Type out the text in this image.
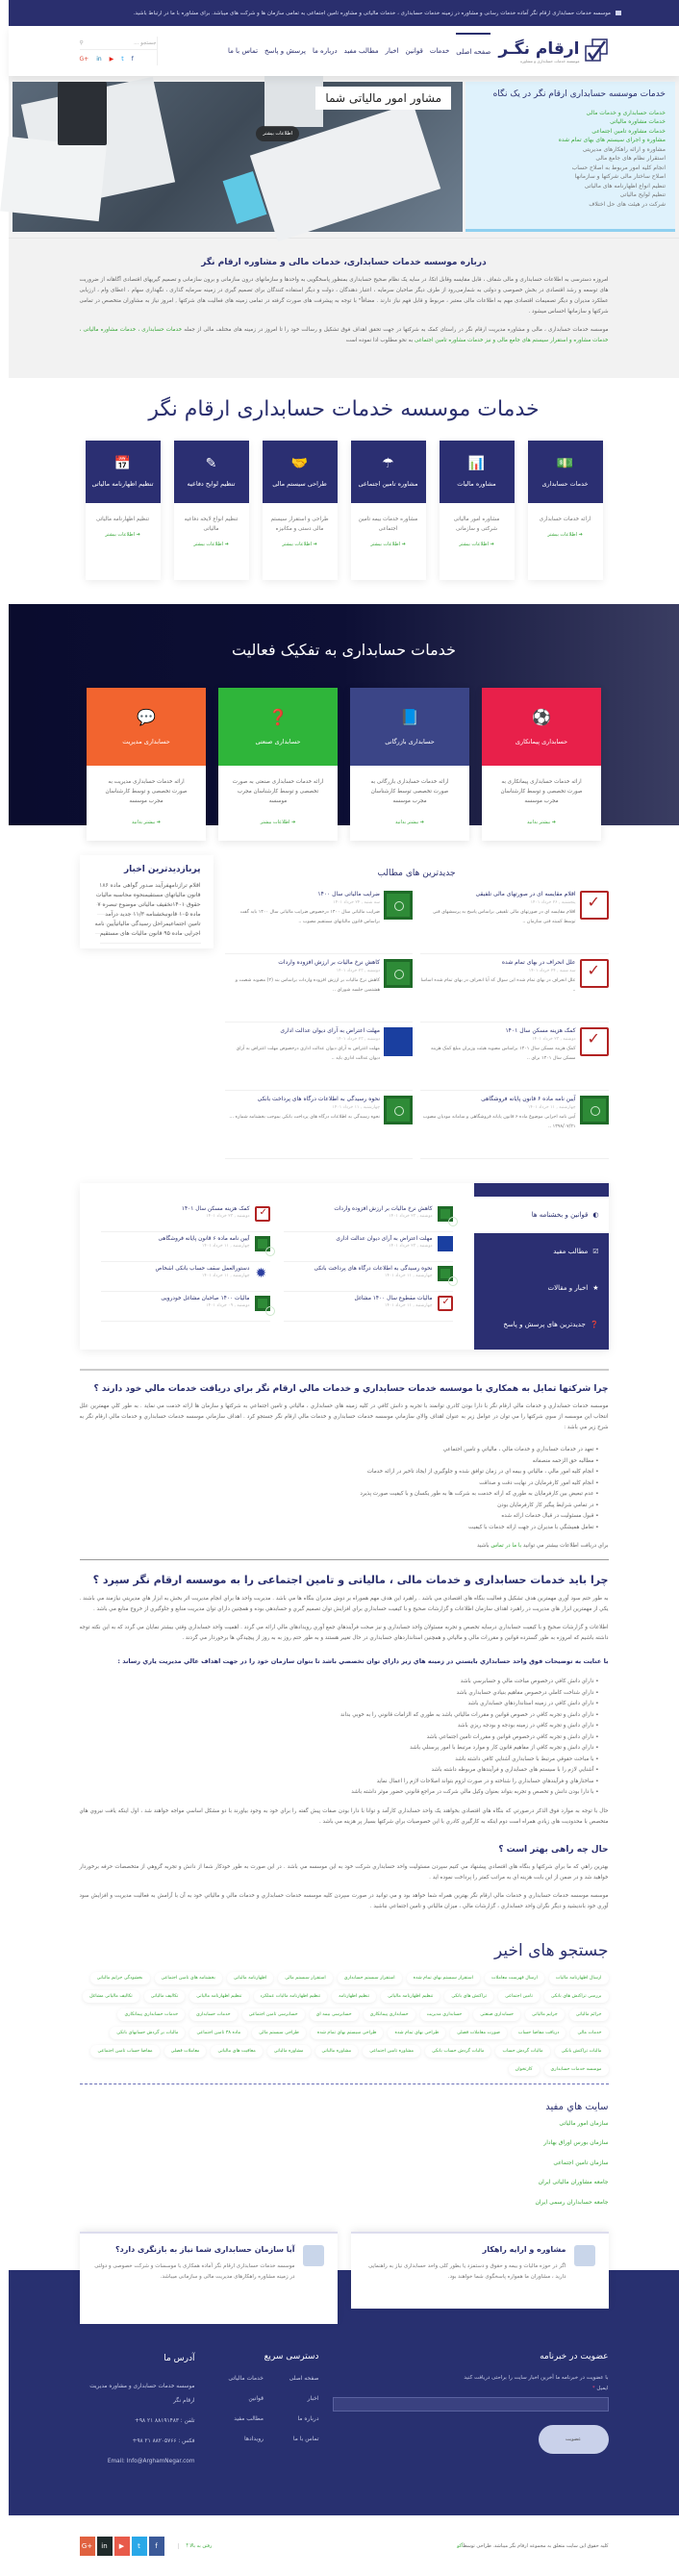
موسسه خدمات حسابداری ارقام نگر آماده خدمات رسانی و مشاوره در زمینه خدمات حسابداری ، خدمات مالیاتی و مشاوره تامین اجتماعی به تمامی سازمان ها و شرکت های میباشد. برای مشاوره با ما در ارتباط باشید.
ارقام نگـر
موسسه خدمات حسابداری و مشاوره
صفحه اصلی
خدمات
قوانین
اخبار
مطالب مفید
درباره ما
پرسش و پاسخ
تماس با ما
جستجو ...
⚲
G+ in ▶ t f
خدمات موسسه حسابداری ارقام نگر در یک نگاه
خدمات حسابداری و خدمات مالی
خدمات مشاوره مالیاتی
خدمات مشاوره تامین اجتماعی
مشاوره و اجرای سیستم های بهای تمام شده
مشاوره و ارائه راهکارهای مدیریتی
استقرار نظام های جامع مالی
انجام کلیه امور مربوط به اصلاح حساب
اصلاح ساختار مالی شرکتها و سازمانها
تنظیم انواع اظهارنامه های مالیاتی
تنظیم لوایح مالیاتی
شرکت در هیئت های حل اختلاف
مشاور امور مالیاتی شما
اطلاعات بیشتر
درباره موسسه خدمات حسابداری، خدمات مالی و مشاوره ارقام نگر

امروزه دسترسی به اطلاعات حسابداری و مالی شفاف ، قابل مقایسه وقابل اتکا، در سایه یک نظام صحیح حسابداری بمنظور پاسخگویی به واحدها و سازمانهای درون سازمانی و برون سازمانی و تصمیم گیریهای اقتصادی آگاهانه از ضروریت های توسعه و رشد اقتصادی در بخش خصوصی و دولتی به شمارمی‌رود از طرف دیگر صاحبان سرمایه ، اعتبار دهندگان ، دولت و دیگر استفاده کنندگان برای تصمیم گیری در زمینه سرمایه گذاری ، نگهداری سهام ، اعطای وام ، ارزیابی عملکرد مدیران و دیگر تصمیمات اقتصادی مهم به اطلاعات مالی معتبر ، مربوط و قابل فهم نیاز دارند . مضافاً" با توجه به پیشرفت های صورت گرفته در تمامی زمینه های فعالیت های شرکتها , امروز نیاز به مشاوران متخصص در تمامی شرکتها و سازمانها احساس میشود .

موسسه خدمات حسابداری ، مالی و مشاوره مدیریت ارقام نگر در راستای کمک به شرکتها در جهت تحقق اهداف فوق تشکیل و رسالت خود را تا امروز در زمینه های مختلف مالی از جمله خدمات حسابداری ، خدمات مشاوره مالیاتی ، خدمات مشاوره و استقرار سیستم های جامع مالی و نیز خدمات مشاوره تامین اجتماعی به نحو مطلوب ادا نموده است

خدمات موسسه خدمات حسابداری ارقام نگر
💵
خدمات حسابداری
ارائه خدمات حسابداری
➔ اطلاعات بیشتر
📊
مشاوره مالیات
مشاوره امور مالیاتی شرکتی و سازمانی
➔ اطلاعات بیشتر
☂
مشاوره تامین اجتماعی
مشاوره خدمات بیمه تامین اجتماعی
➔ اطلاعات بیشتر
🤝
طراحی سیستم مالی
طراحی و استقرار سیستم مالی دستی و مکانیزه
➔ اطلاعات بیشتر
✎
تنظیم لوایح دفاعیه
تنظیم انواع لایحه دفاعیه مالیاتی
➔ اطلاعات بیشتر
📅
تنظیم اظهارنامه مالیاتی
تنظیم اظهارنامه مالیاتی
➔ اطلاعات بیشتر
خدمات حسابداری به تفکیک فعالیت
⚽
حسابداری پیمانکاری
ارائه خدمات حسابداری پیمانکاری به صورت تخصصی و توسط کارشناسان مجرب موسسه
➔ بیشتر بدانید
📘
حسابداری بازرگانی
ارائه خدمات حسابداری بازرگانی به صورت تخصصی توسط کارشناسان مجرب موسسه
➔ بیشتر بدانید
❓
حسابداری صنعتی
ارائه خدمات حسابداری صنعتی به صورت تخصصی و توسط کارشناسان مجرب موسسه
➔ اطلاعات بیشتر
💬
حسابداری مدیریت
ارائه خدمات حسابداری مدیریت به صورت تخصصی و توسط کارشناسان مجرب موسسه
➔ بیشتر بدانید
جدیدترین های مطالب
✓
اقلام مقایسه ای در صورتهای مالی تلفیقی
پنجشنبه , ۲۶ خرداد ۱۴۰۱
اقلام مقایسه ای در صورتهای مالی تلفیقی براساس پاسخ به پرسشهای فنی توسط کمیته فنی سازمان ..
ضرایب مالیاتی سال ۱۴۰۰
سه شنبه , ۲۴ خرداد ۱۴۰۱
ضرایب مالیاتی سال ۱۴۰۰ درخصوص ضرایب مالیاتی سال ۱۴۰۰ باید گفت براساس قانون مالیاتهای مستقیم مصوب ..
✓
علل انحراف در بهای تمام شده
سه شنبه , ۲۴ خرداد ۱۴۰۱
علل انحراف در بهای تمام شده این سوال که آیا انحراف در بهای تمام شده اساسا ..
کاهش نرخ مالیات بر ارزش افزوده واردات
دوشنبه , ۲۳ خرداد ۱۴۰۱
کاهش نرخ مالیات بر ارزش افزوده واردات براساس بند (۲) مصوبه شصت و هشتمین جلسه شورای ..
✓
کمک هزینه مسکن سال ۱۴۰۱
دوشنبه , ۲۳ خرداد ۱۴۰۱
کمک هزینه مسکن سال ۱۴۰۱ براساس مصوبه هیئت وزیران مبلغ کمک هزینه مسکن سال ۱۴۰۱ برای ..
مهلت اعتراض به آرای دیوان عدالت اداری
دوشنبه , ۲۳ خرداد ۱۴۰۱
مهلت اعتراض به آرای دیوان عدالت اداری درخصوص مهلت اعتراض به آرای دیوان عدالت اداری باید ..
آیین نامه ماده ۶ قانون پایانه فروشگاهی
چهارشنبه , ۱۱ خرداد ۱۴۰۱
آیین نامه اجرایی موضوع ماده ۶ قانون پایانه فروشگاهی و سامانه مودیان مصوب ۱۳۹۸/۰۷/۲۱ ..
نحوه رسیدگی به اطلاعات درگاه های پرداخت بانکی
چهارشنبه , ۱۱ خرداد ۱۴۰۱
نحوه رسیدگی به اطلاعات درگاه های پرداخت بانکی بموجب بخشنامه شماره ...
پربازدیدترین اخبار
اقلام ترازنامهفرآیند صدور گواهی ماده ۱۸۶ قانون مالیاتهای مستقیمنحوه محاسبه مالیات حقوق ۱۴۰۱تخفیف مالیاتی موضوع تبصره ۷ ماده ۱۰۵ قانونبخشنامه ۱۱/۳ جدید درآمد تامین اجتماعیمراحل رسیدگی مالیاتیآیین نامه اجرایی ماده ۹۵ قانون مالیات های مستقیم
◐
قوانین و بخشنامه ها
☑
مطالب مفید
★
اخبار و مقالات
❓
جدیدترین های پرسش و پاسخ
کاهش نرخ مالیات بر ارزش افزوده واردات
دوشنبه , ۲۳ خرداد ۱۴۰۱
✓
کمک هزینه مسکن سال ۱۴۰۱
دوشنبه , ۲۳ خرداد ۱۴۰۱
مهلت اعتراض به آرای دیوان عدالت اداری
دوشنبه , ۲۳ خرداد ۱۴۰۱
آیین نامه ماده ۶ قانون پایانه فروشگاهی
چهارشنبه , ۱۱ خرداد ۱۴۰۱
نحوه رسیدگی به اطلاعات درگاه های پرداخت بانکی
چهارشنبه , ۱۱ خرداد ۱۴۰۱
✹
دستورالعمل سقف حساب بانکی اشخاص
چهارشنبه , ۱۱ خرداد ۱۴۰۱
✓
مالیات مقطوع سال ۱۴۰۰ مشاغل
چهارشنبه , ۱۱ خرداد ۱۴۰۱
مالیات ۱۴۰۰ صاحبان مشاغل خودرویی
دوشنبه , ۰۹ خرداد ۱۴۰۱
چرا شرکتها تمایل به همکاري با موسسه خدمات حسابداري و خدمات مالي ارقام نگر براي دريافت خدمات مالي خود دارند ؟

موسسه خدمات حسابداري و خدمات مالي ارقام نگر با دارا بودن کادري توانمند با تجربه و دانش کافي در کليه زمينه هاي حسابداري ، مالياتي و تامين اجتماعي به شرکتها و سازمان ها ارائه خدمت مي نمايد . به طور کلي مهمترين علل انتخاب اين موسسه از سوي شرکتها را مي توان در عوامل زير به عنوان اهداف والاي سازماني موسسه خدمات حسابداري و خدمات مالي ارقام نگر جستجو کرد . اهداف سازماني موسسه خدمات حسابداري و خدمات مالي ارقام نگر به شرح زير مي باشد :

• تعهد در خدمات حسابداري و خدمات مالي ، مالياتي و تامين اجتماعي
• مطالبه حق الزحمه منصفانه
• انجام کليه امور مالي ، مالياتي و بيمه اي در زمان توافق شده و جلوگيري از ايجاد تاخير در ارائه خدمات
• انجام کليه امور کارفرمايان در نهايت دقت و صداقت
• عدم تبعيض بين کارفرمايان به طوري که ارائه خدمت به شرکت ها به طور يکسان و با کيفيت صورت پذيرد
• در تمامي شرايط پيگير کار کارفرمايان بودن
• قبول مسئوليت در قبال خدمات ارائه شده
• تعامل هميشگي با مديران در جهت ارائه خدمات با کيفيت

براي دريافت اطلاعات بيشتر مي توانيد با ما در تماس باشيد

چرا باید خدمات حسابداری و خدمات مالی ، مالیاتی و تامین اجتماعی را به موسسه ارقام نگر سپرد ؟

به طور حتم سود آوري مهمترين هدف تشکيل و فعاليت بنگاه هاي اقتصادي مي باشد . راهبرد اين هدف مهم هموراه بر دوش مديران بنگاه ها مي باشد . مديريت واحد ها براي انجام مديريت اثر بخش به ابزار هاي مديريتي نيازمند مي باشند . يکي از مهمترين ابزار هاي مديريت در راهبرد اهداف سازمان اطلاعات و گزارشات صحيح و با کيفيت حسابداري براي افزايش توان تصميم گيري و حسابدهي بوده و همچنين داراي توان مديريت منابع و جلوگيري از خروج منابع مي باشد .

اطلاعات و گزارشات صحيح و با کيفيت حسابداري درسايه تخصص و تجربه مسئولان واحد حسابداري و نيز صحت فرآيندهاي جمع آوري رويدادهاي مالي ارائه مي گردد . اهميت واحد حسابداري وقتي بيشتر نمايان مي گردد که به اين نکته توجه داشته باشيم که امروزه به طور گسترده قوانين و مقررات مالي و مالياتي و همچنين استانداردهاي حسابداري در حال تغيير هستند و به طور حتم روز به به روز از پيچيدگي ها برخوردار مي گردند .

با عنايت به توضيحات فوق واحد حسابداري بايستي در زمينه هاي زير داراي توان تخصصي باشد تا بتوان سازمان خود را در جهت اهداف عالي مديريت ياري رساند :
• داراي دانش کافي درخصوص مباحث مالي و حسابرسي باشد
• داراي شناخت کاملي درخصوص مفاهيم بنيادي حسابداري باشد
• داراي دانش کافي در زمينه استانداردهاي حسابداري باشد
• داراي دانش و تجربه کافي در خصوص قوانين و مقررات مالياتي باشد به طوري که الزامات قانوني را به خوبي بداند
• داراي دانش و تجربه کافي در زمينه بودجه و بودجه ريزي باشد
• داراي دانش و تجربه کافي درخصوص قوانين و مقررات تامين اجتماعي باشد
• داراي دانش و تجربه کافي از مفاهيم قانون کار و موارد مرتبط با امور پرسنلي باشد
• با مباحث حقوقي مرتبط با حسابداري آشنايي کافي داشته باشد
• آشنايي لازم را با سيستم هاي حسابداري و فرآيندهاي مربوطه داشته باشد
• ساختارهاي و فرآيندهاي حسابداري را شناخته و در صورت لزوم بتواند اصلاحات لازم را اعمال نمايد
• با دارا بودن دانش و تخصص و تجربه بتواند بعنوان وکيل مالي شرکت در مراجع قانوني حضور موثر داشته باشد

حال با توجه به موارد فوق الذکر درصورتي که بنگاه هاي اقتصادي بخواهند يک واحد حسابداري کارآمد و توانا با دارا بودن صفات پيش گفته را براي خود به وجود بياورند با دو مشکل اساسي مواجه خواهند شد ، اول اينکه يافت نيروي هاي متخصص با محدوديت هاي زيادي همراه است دوم اينکه به کارگيري کادري با اين خصوصيات براي شرکتها بسيار پر هزينه مي باشد .

حال چه راهی بهتر است ؟

بهترين راهي که ما براي شرکتها و بنگاه هاي اقتصادي پيشنهاد مي کنيم سپردن مسئوليت واحد حسابداري شرکت خود به اين موسسه مي باشد . در اين صورت به طور خودکار شما از دانش و تجربه گروهي از متخصصات حرفه برخوردار خواهيد شد و در ضمن از اين بابت هزينه اي به مراتب کمتر را پرداخت نموده ايد .

موسسه موسسه خدمات حسابداري و خدمات مالي ارقام نگر بهترين همراه شما خواهد بود و مي توانيد در صورت سپردن کليه موسسه خدمات حسابداري و خدمات مالي و مالياتي خود به آن با آرامش به فعاليت مديريت و افزايش سود آوري خود بانديشيد و ديگر نگران واحد حسابداري ، گزارشات مالي ، ميزان مالياتي و تامين اجتماعي نباشيد .

جستجو های اخیر
ارسال اظهارنامه مالیات
ارسال فهرست معاملات
استقرار سیستم بهای تمام شده
استقرار سیستم حسابداری
استقرار سیستم مالی
اظهارنامه مالیاتی
بخشنامه های تامین اجتماعی
بخشودگی جرایم مالیاتی
بررسی تراکنش های بانکی
تامین اجتماعی
تراکنش های بانکی
تنظیم اظهارنامه مالیاتی
تنظیم اظهارنامه
تنظیم اظهارنامه مالیات عملکرد
تنظیم اظهارنامه مالیاتی
تکالیف مالیاتی
تکالیف مالیاتی مشاغل
جرائم مالیاتی
جرایم مالیاتی
حسابداری صنعتی
حسابداری مدیریت
حسابداری پیمانکاری
حسابرسی بیمه ای
حسابرسی تامین اجتماعی
خدمات حسابداری
خدمات حسابداری پیمانکاری
خدمات مالی
دریافت مفاصا حساب
صورت معاملات فصلی
طراحی بهای تمام شده
طراحی سیستم بهای تمام شده
طراحی سیستم مالی
ماده ۳۸ تامین اجتماعی
مالیات بر گردش حسابهای بانکی
مالیات تراکنش بانکی
مالیات گردش حساب
مالیات گردش حساب بانکی
مشاوره تامین اجتماعی
مشاوره مالیاتی
مشاوره مالیاتی
معافیت های مالیاتی
معاملات فصلی
مفاصا حساب تامین اجتماعی
موسسه خدمات حسابداری
کارتخوان
سایت هاي مفید
سازمان امور مالیاتی
سازمان بورس اوراق بهادار
سازمان تامین اجتماعی
جامعه مشاوران مالیاتی ایران
جامعه حسابداران رسمی ایران
مشاوره و ارایه راهکار

اگر در حوزه مالیات و بیمه و حقوق و دستمزد یا بطور کلی واحد حسابداری نیاز به راهنمایی دارید ، مشاوران ما همواره پاسخگوی شما خواهند بود.

آیا سازمان حسابداری شما نیاز به بازنگری دارد؟

موسسه خدمات حسابداری ارقام نگر آماده همکاری با موسسات و شرکت خصوصی و دولتی در زمینه مشاوره راهکارهای مدیریت مالی و سازمانی میباشد.

عضویت در خبرنامه
با عضویت در خبرنامه ما آخرین اخبار سایت را براحتی دریافت کنید
ایمیل *
عضویت
دسترسی سریع
صفحه اصلی
خدمات مالیاتی
اخبار
قوانین
درباره ما
مطالب مفید
تماس با ما
رویدادها
آدرس ما
موسسه خدمات حسابداری و مشاوره مدیریت ارقام نگر
تلفن : ۸۸۱۹۱۴۸۳ ۲۱ ۹۸+
فکس : ۸۸۲۰۵۷۶۶ ۲۱ ۹۸+
Email: Info@ArghamNegar.com
کلیه حقوق این سایت متعلق به مجموعه ارقام نگر میباشد. طراحی توسطآکو
رفتن به بالا ⤒
G+	in	▶	t	f
